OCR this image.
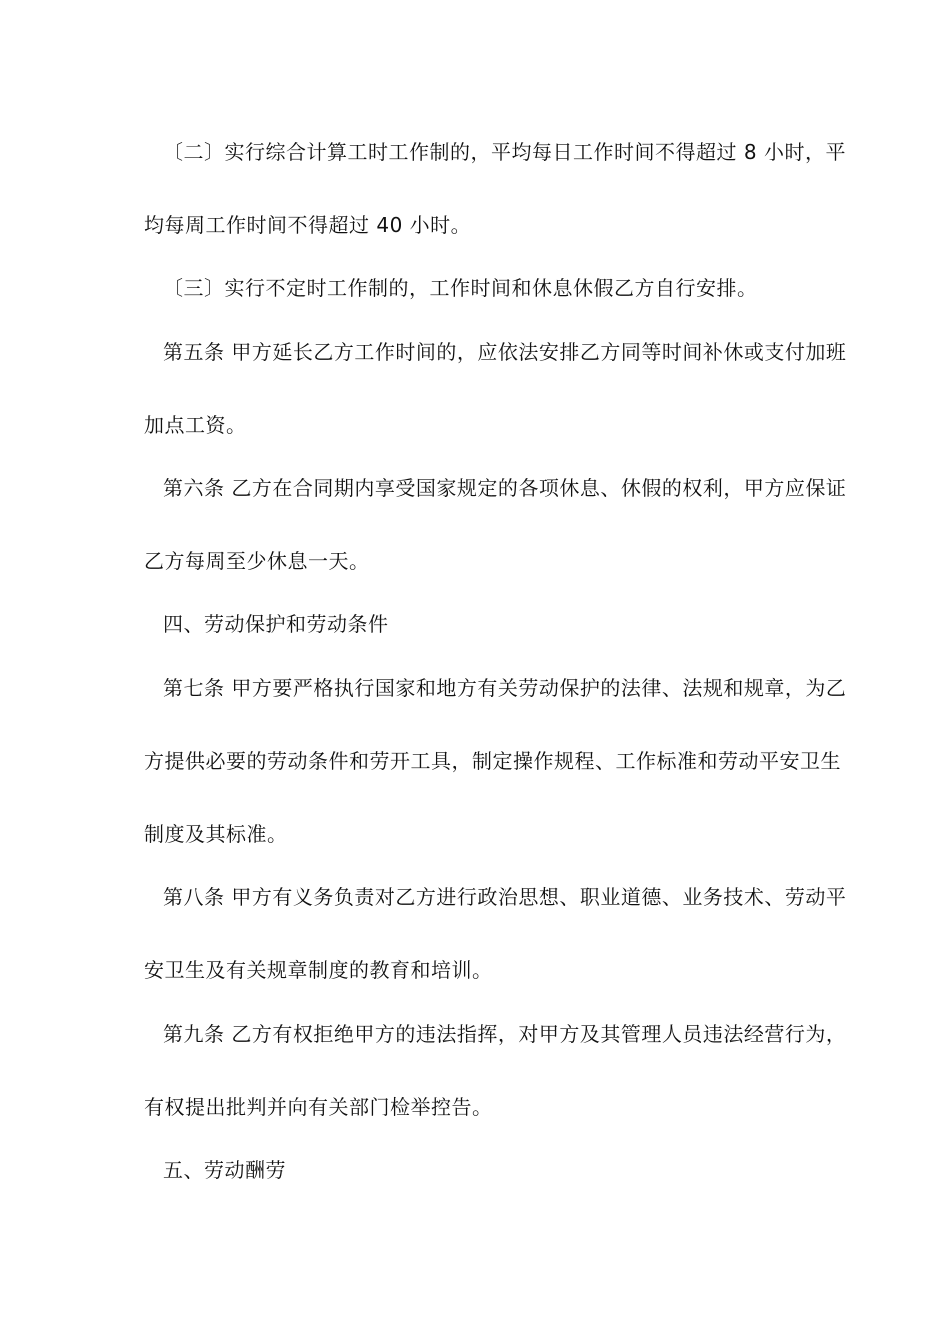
〔二〕实行综合计算工时工作制的，平均每日工作时间不得超过 8 小时，平
均每周工作时间不得超过 40 小时。
〔三〕实行不定时工作制的，工作时间和休息休假乙方自行安排。
第五条 甲方延长乙方工作时间的，应依法安排乙方同等时间补休或支付加班
加点工资。
第六条 乙方在合同期内享受国家规定的各项休息、休假的权利，甲方应保证
乙方每周至少休息一天。
四、劳动保护和劳动条件
第七条 甲方要严格执行国家和地方有关劳动保护的法律、法规和规章，为乙
方提供必要的劳动条件和劳开工具，制定操作规程、工作标准和劳动平安卫生
制度及其标准。
第八条 甲方有义务负责对乙方进行政治思想、职业道德、业务技术、劳动平
安卫生及有关规章制度的教育和培训。
第九条 乙方有权拒绝甲方的违法指挥，对甲方及其管理人员违法经营行为，
有权提出批判并向有关部门检举控告。
五、劳动酬劳
